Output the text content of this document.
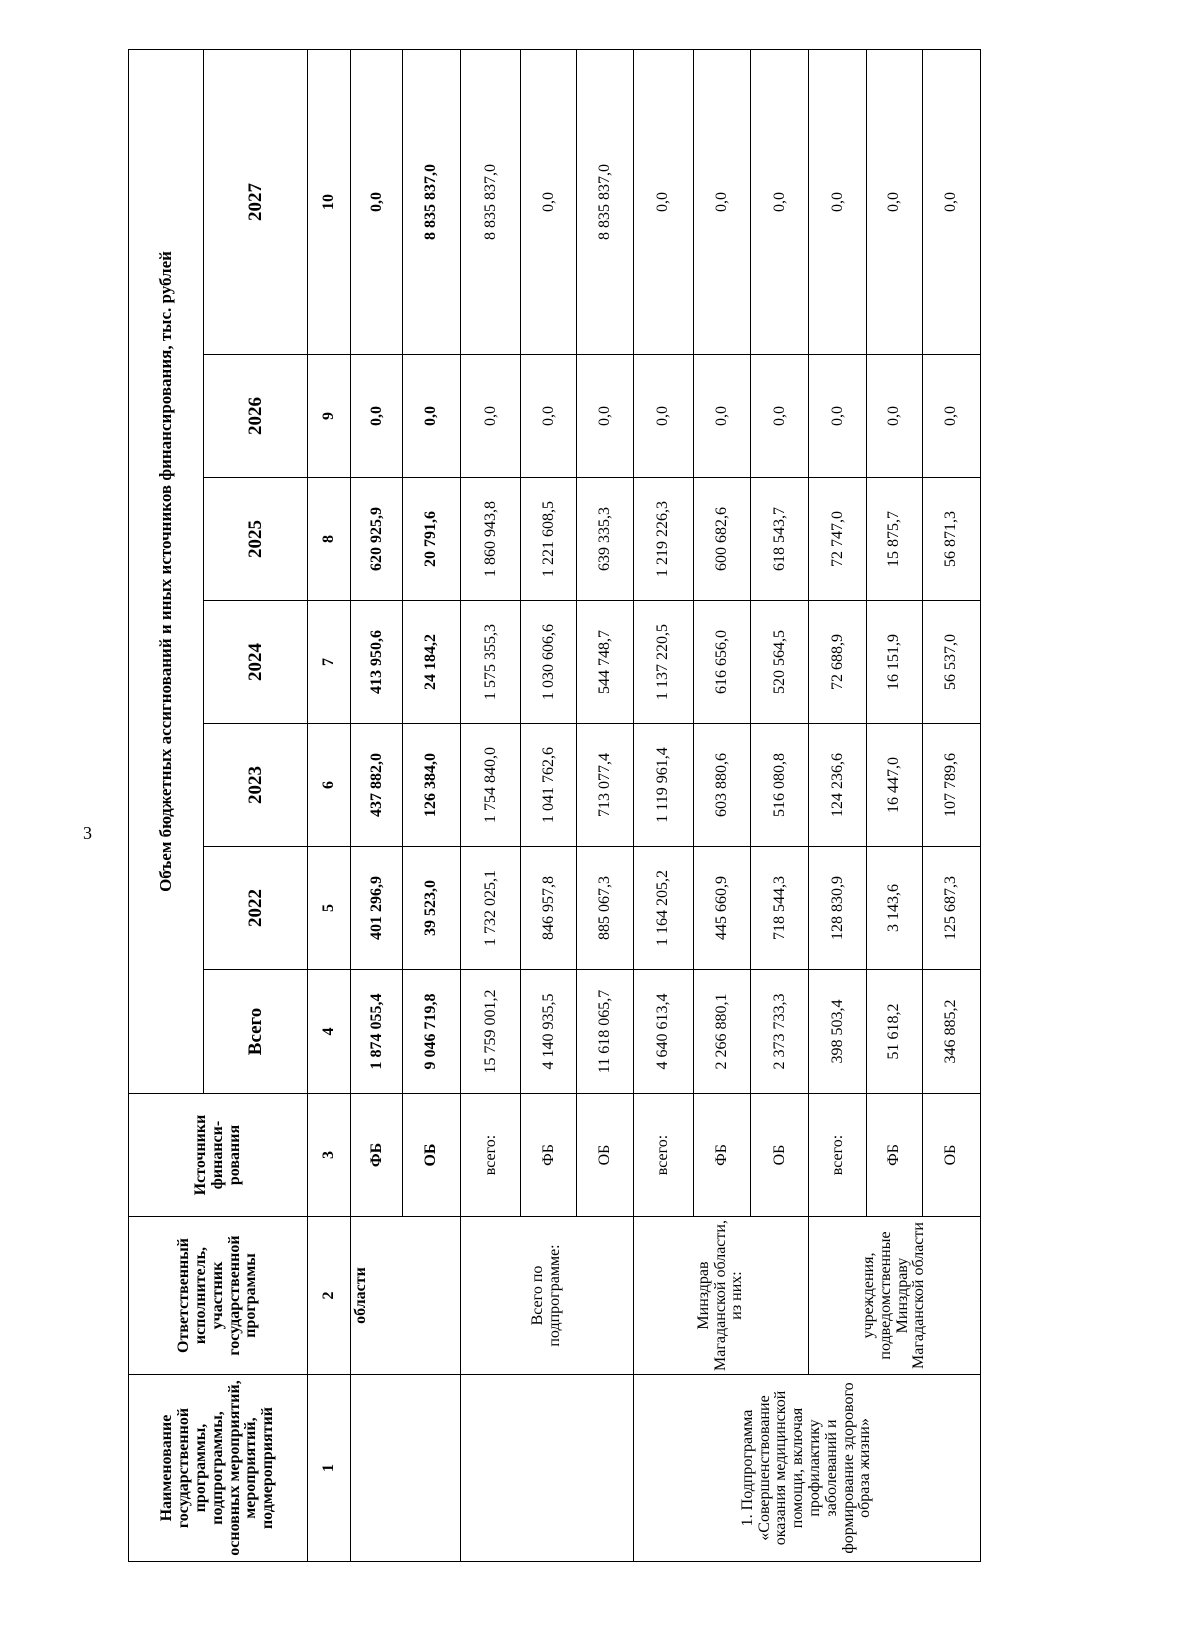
3
Наименование государственной программы, подпрограммы, основных мероприятий, мероприятий, подмероприятий	Ответственный исполнитель, участник государственной программы	Источники финанси-рования	Объем бюджетных ассигнований и иных источников финансирования, тыс. рублей						
			Всего	2022	2023	2024	2025	2026	2027
1	2	3	4	5	6	7	8	9	10
	области	ФБ	1 874 055,4	401 296,9	437 882,0	413 950,6	620 925,9	0,0	0,0
		ОБ	9 046 719,8	39 523,0	126 384,0	24 184,2	20 791,6	0,0	8 835 837,0
	Всего по подпрограмме:	всего:	15 759 001,2	1 732 025,1	1 754 840,0	1 575 355,3	1 860 943,8	0,0	8 835 837,0
		ФБ	4 140 935,5	846 957,8	1 041 762,6	1 030 606,6	1 221 608,5	0,0	0,0
		ОБ	11 618 065,7	885 067,3	713 077,4	544 748,7	639 335,3	0,0	8 835 837,0
1. Подпрограмма «Совершенствование оказания медицинской помощи, включая профилактику заболеваний и формирование здорового образа жизни»	Минздрав Магаданской области, из них:	всего:	4 640 613,4	1 164 205,2	1 119 961,4	1 137 220,5	1 219 226,3	0,0	0,0
		ФБ	2 266 880,1	445 660,9	603 880,6	616 656,0	600 682,6	0,0	0,0
		ОБ	2 373 733,3	718 544,3	516 080,8	520 564,5	618 543,7	0,0	0,0
	учреждения, подведомственные Минздраву Магаданской области	всего:	398 503,4	128 830,9	124 236,6	72 688,9	72 747,0	0,0	0,0
		ФБ	51 618,2	3 143,6	16 447,0	16 151,9	15 875,7	0,0	0,0
		ОБ	346 885,2	125 687,3	107 789,6	56 537,0	56 871,3	0,0	0,0
